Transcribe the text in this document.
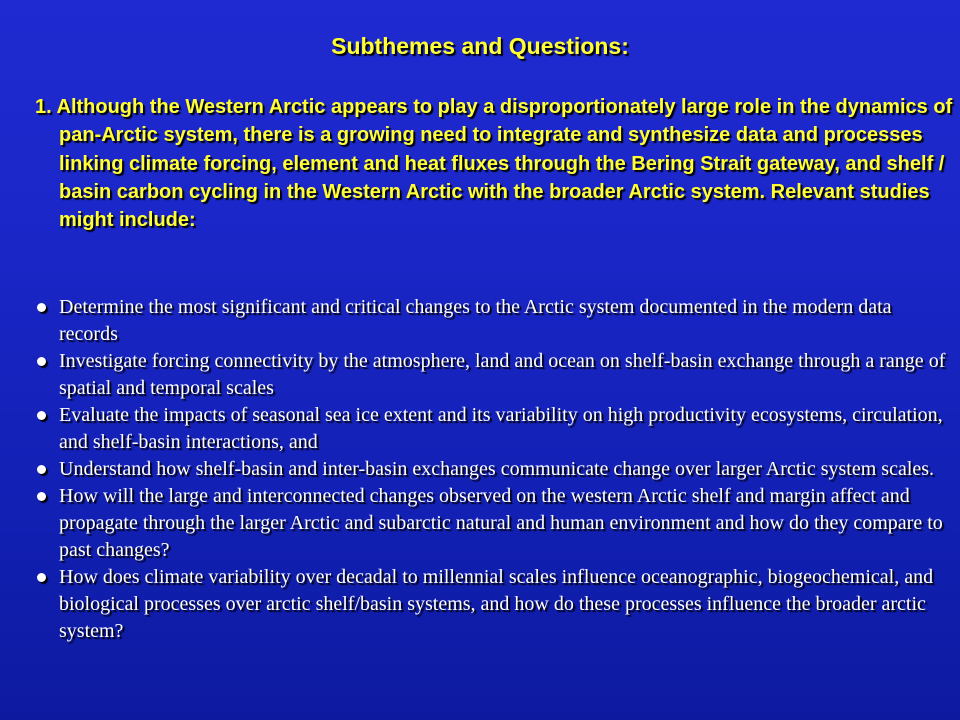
Subthemes and Questions:
1. Although the Western Arctic appears to play a disproportionately large role in the dynamics of pan-Arctic system, there is a growing need to integrate and synthesize data and processes linking climate forcing, element and heat fluxes through the Bering Strait gateway, and shelf / basin carbon cycling in the Western Arctic with the broader Arctic system. Relevant studies might include:
Determine the most significant and critical changes to the Arctic system documented in the modern data records
Investigate forcing connectivity by the atmosphere, land and ocean on shelf-basin exchange through a range of spatial and temporal scales
Evaluate the impacts of seasonal sea ice extent and its variability on high productivity ecosystems, circulation, and shelf-basin interactions, and
Understand how shelf-basin and inter-basin exchanges communicate change over larger Arctic system scales.
How will the large and interconnected changes observed on the western Arctic shelf and margin affect and propagate through the larger Arctic and subarctic natural and human environment and how do they compare to past changes?
How does climate variability over decadal to millennial scales influence oceanographic, biogeochemical, and biological processes over arctic shelf/basin systems, and how do these processes influence the broader arctic system?
